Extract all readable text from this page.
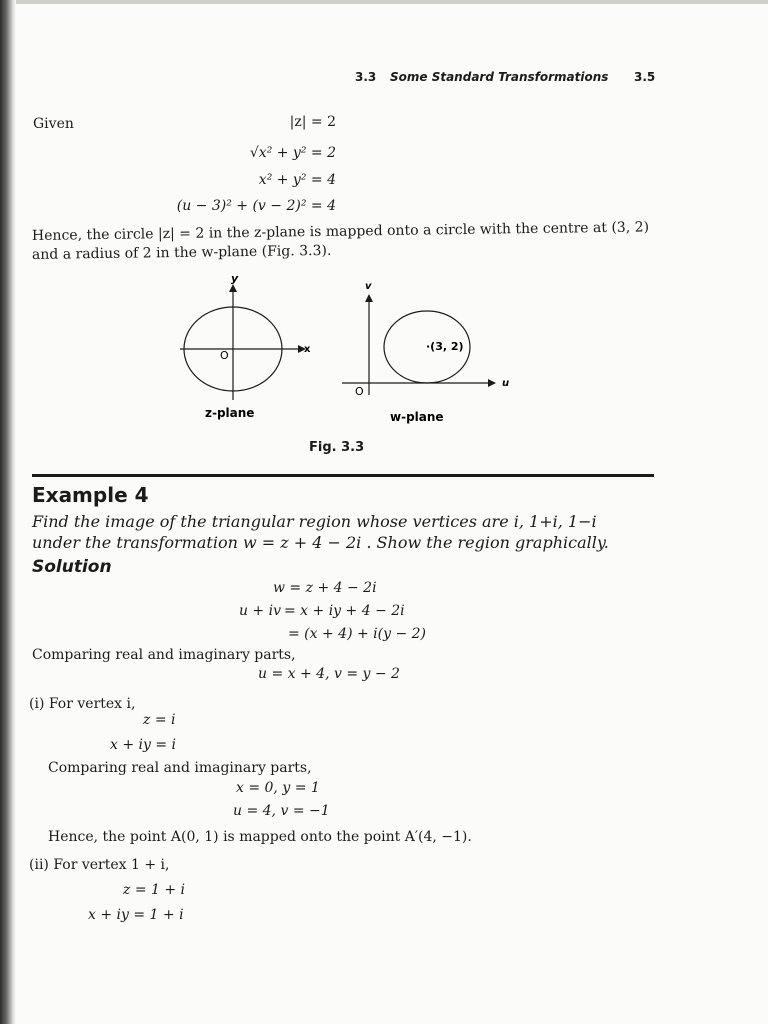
3.3 Some Standard Transformations 3.5
Given	|z| = 2
√x² + y² = 2
x² + y² = 4
(u − 3)² + (v − 2)² = 4
Hence, the circle |z| = 2 in the z-plane is mapped onto a circle with the centre at (3, 2)
and a radius of 2 in the w-plane (Fig. 3.3).
y
x
O
z-plane
v
u
O
·(3, 2)
w-plane
Fig. 3.3
Example 4
Find the image of the triangular region whose vertices are i, 1+i, 1−i
under the transformation w = z + 4 − 2i . Show the region graphically.
Solution
w = z + 4 − 2i
u + iv = x + iy + 4 − 2i
= (x + 4) + i(y − 2)
Comparing real and imaginary parts,
u = x + 4, v = y − 2
(i) For vertex i,
z = i
x + iy = i
Comparing real and imaginary parts,
x = 0, y = 1
u = 4, v = −1
Hence, the point A(0, 1) is mapped onto the point A′(4, −1).
(ii) For vertex 1 + i,
z = 1 + i
x + iy = 1 + i
